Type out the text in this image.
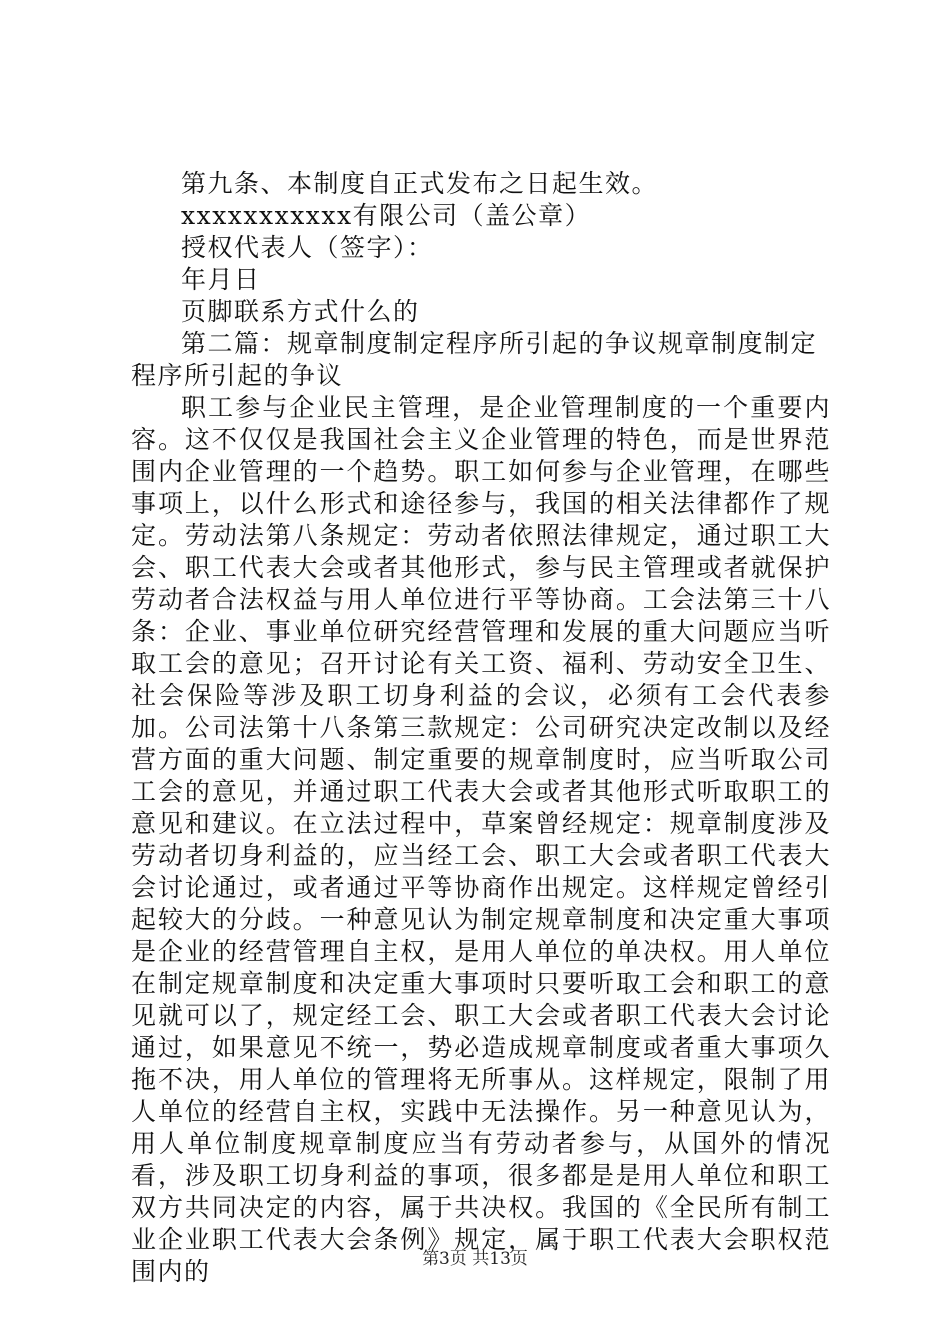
第九条、本制度自正式发布之日起生效。

xxxxxxxxxxx有限公司（盖公章）

授权代表人（签字）：

年月日

页脚联系方式什么的

第二篇：规章制度制定程序所引起的争议规章制度制定程序所引起的争议

职工参与企业民主管理，是企业管理制度的一个重要内容。这不仅仅是我国社会主义企业管理的特色，而是世界范围内企业管理的一个趋势。职工如何参与企业管理，在哪些事项上，以什么形式和途径参与，我国的相关法律都作了规定。劳动法第八条规定：劳动者依照法律规定，通过职工大会、职工代表大会或者其他形式，参与民主管理或者就保护劳动者合法权益与用人单位进行平等协商。工会法第三十八条：企业、事业单位研究经营管理和发展的重大问题应当听取工会的意见；召开讨论有关工资、福利、劳动安全卫生、社会保险等涉及职工切身利益的会议，必须有工会代表参加。公司法第十八条第三款规定：公司研究决定改制以及经营方面的重大问题、制定重要的规章制度时，应当听取公司工会的意见，并通过职工代表大会或者其他形式听取职工的意见和建议。在立法过程中，草案曾经规定：规章制度涉及劳动者切身利益的，应当经工会、职工大会或者职工代表大会讨论通过，或者通过平等协商作出规定。这样规定曾经引起较大的分歧。一种意见认为制定规章制度和决定重大事项是企业的经营管理自主权，是用人单位的单决权。用人单位在制定规章制度和决定重大事项时只要听取工会和职工的意见就可以了，规定经工会、职工大会或者职工代表大会讨论通过，如果意见不统一，势必造成规章制度或者重大事项久拖不决，用人单位的管理将无所事从。这样规定，限制了用人单位的经营自主权，实践中无法操作。另一种意见认为，用人单位制度规章制度应当有劳动者参与，从国外的情况看，涉及职工切身利益的事项，很多都是是用人单位和职工双方共同决定的内容，属于共决权。我国的《全民所有制工业企业职工代表大会条例》规定，属于职工代表大会职权范围内的	第3页 共13页
